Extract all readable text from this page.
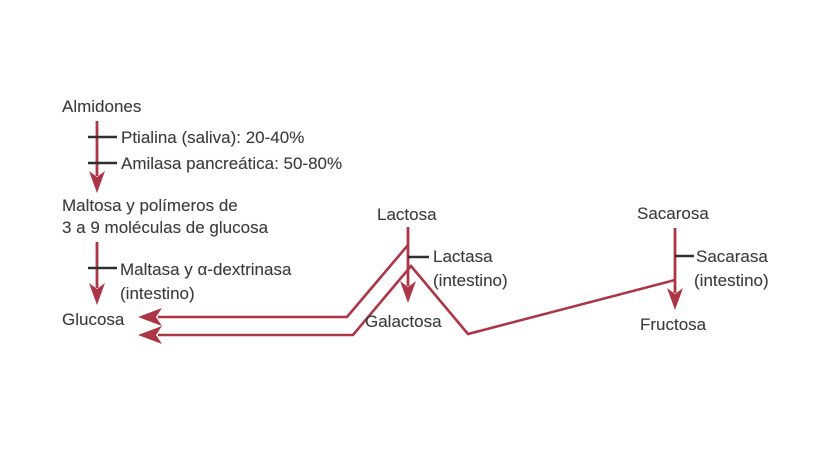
Almidones
Ptialina (saliva): 20-40%
Amilasa pancreática: 50-80%
Maltosa y polímeros de
3 a 9 moléculas de glucosa
Maltasa y α-dextrinasa
(intestino)
Glucosa
Lactosa
Lactasa
(intestino)
Galactosa
Sacarosa
Sacarasa
(intestino)
Fructosa
